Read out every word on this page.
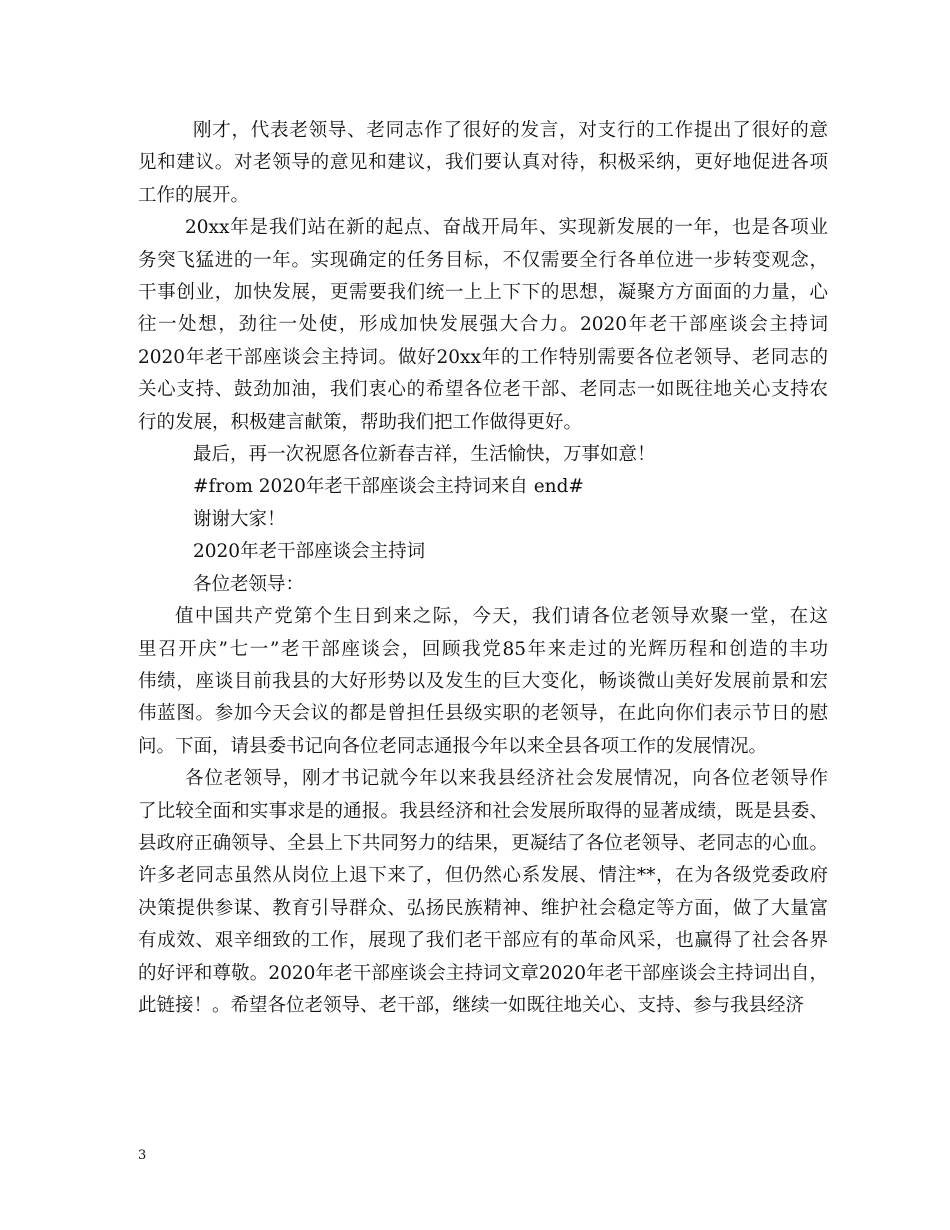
刚才，代表老领导、老同志作了很好的发言，对支行的工作提出了很好的意
见和建议。对老领导的意见和建议，我们要认真对待，积极采纳，更好地促进各项
工作的展开。

20xx年是我们站在新的起点、奋战开局年、实现新发展的一年，也是各项业
务突飞猛进的一年。实现确定的任务目标，不仅需要全行各单位进一步转变观念，
干事创业，加快发展，更需要我们统一上上下下的思想，凝聚方方面面的力量，心
往一处想，劲往一处使，形成加快发展强大合力。2020年老干部座谈会主持词
2020年老干部座谈会主持词。做好20xx年的工作特别需要各位老领导、老同志的
关心支持、鼓劲加油，我们衷心的希望各位老干部、老同志一如既往地关心支持农
行的发展，积极建言献策，帮助我们把工作做得更好。

最后，再一次祝愿各位新春吉祥，生活愉快，万事如意！

#from 2020年老干部座谈会主持词来自 end#

谢谢大家！

2020年老干部座谈会主持词

各位老领导：

值中国共产党第个生日到来之际，今天，我们请各位老领导欢聚一堂，在这
里召开庆”七一”老干部座谈会，回顾我党85年来走过的光辉历程和创造的丰功
伟绩，座谈目前我县的大好形势以及发生的巨大变化，畅谈微山美好发展前景和宏
伟蓝图。参加今天会议的都是曾担任县级实职的老领导，在此向你们表示节日的慰
问。下面，请县委书记向各位老同志通报今年以来全县各项工作的发展情况。

各位老领导，刚才书记就今年以来我县经济社会发展情况，向各位老领导作
了比较全面和实事求是的通报。我县经济和社会发展所取得的显著成绩，既是县委、
县政府正确领导、全县上下共同努力的结果，更凝结了各位老领导、老同志的心血。
许多老同志虽然从岗位上退下来了，但仍然心系发展、情注**，在为各级党委政府
决策提供参谋、教育引导群众、弘扬民族精神、维护社会稳定等方面，做了大量富
有成效、艰辛细致的工作，展现了我们老干部应有的革命风采，也赢得了社会各界
的好评和尊敬。2020年老干部座谈会主持词文章2020年老干部座谈会主持词出自，
此链接！。希望各位老领导、老干部，继续一如既往地关心、支持、参与我县经济

3
